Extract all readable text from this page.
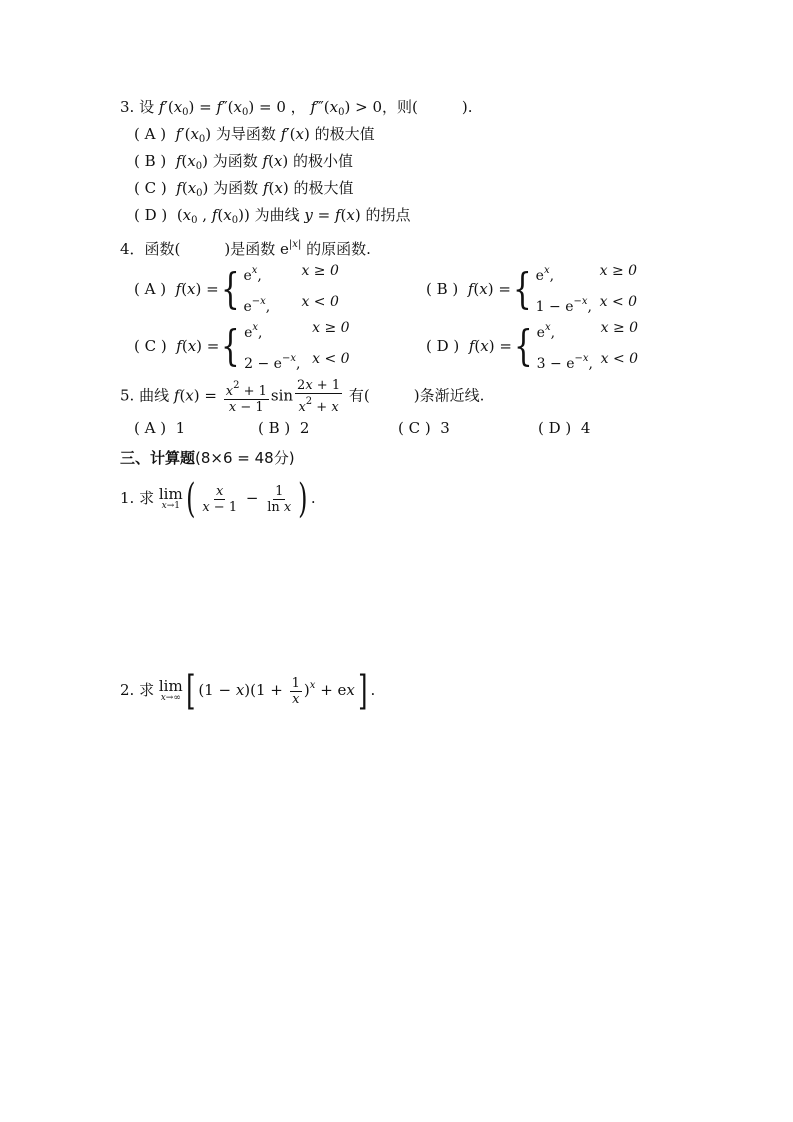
3. 设 $f'(x_0) = f''(x_0) = 0$ ， $f‴(x_0) > 0$，则(	).
( A ) $f'(x_0)$ 为导函数 f′(x) 的极大值
( B ) $f(x_0)$ 为函数 f(x) 的极小值
( C ) $f(x_0)$ 为函数 f(x) 的极大值
( D )  ($x_0$ , $f(x_0)$) 为曲线 y = f(x) 的拐点
4．函数(	)是函数 $e^{|x|}$ 的原函数.
( A )
f ( x ) = { $e^x$,	x ≥ 0
$e^{-x}$,	x < 0
( B )
f ( x ) = { $e^x$,	x ≥ 0
$1 - e^{-x}$, x < 0
( C )
f ( x ) = { $e^x$,	x ≥ 0
$2 - e^{-x}$, x < 0
( D )
f ( x ) = { $e^x$,	x ≥ 0
$3 - e^{-x}$, x < 0
5. 曲线 $f(x) = \frac{x^2 + 1}{x - 1}$ $\sin \frac{2x + 1}{x^2 + x}$ 有(	)条渐近线.
( A ) 1	( B ) 2	( C ) 3	( D ) 4
三、计算题(8×6 = 48分)
1. 求 lim
x→1 ( $\frac{x}{x - 1} - \frac{1}{\text{ln x}}$ ) .
2. 求 lim
x→∞ [ $(1 - x)(1 + \frac{1}{x} )^x + ex$] .
